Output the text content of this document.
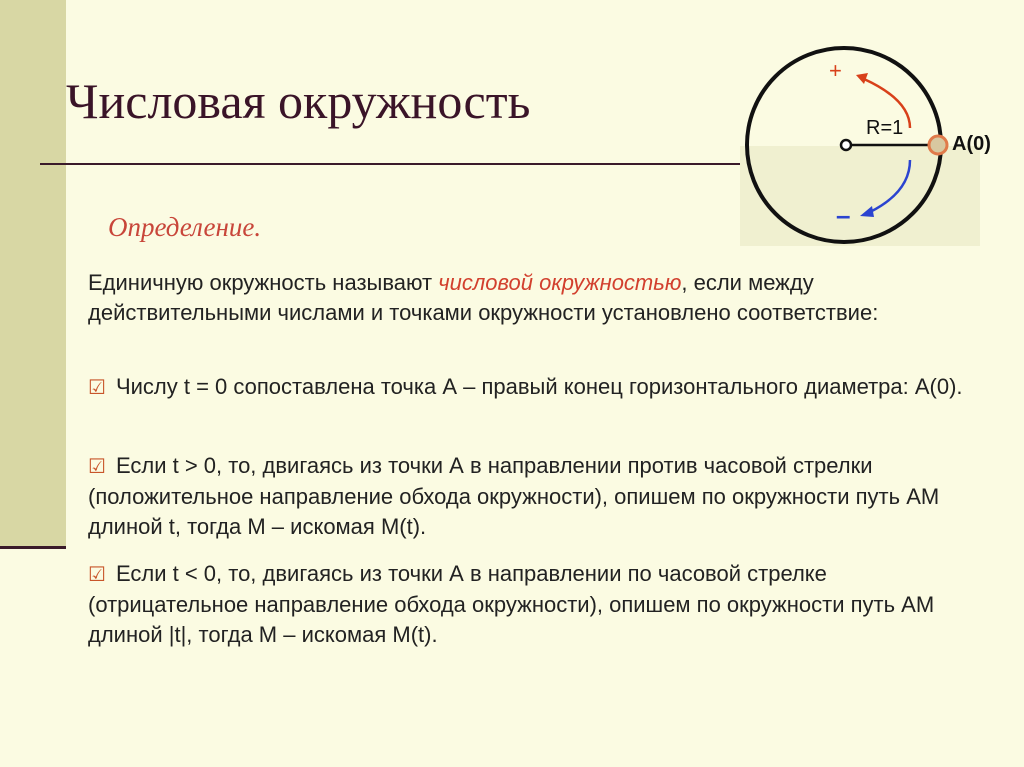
Числовая окружность	R=1
A(0)
+
–
Определение.

Единичную окружность называют числовой окружностью, если между действительными числами и точками окружности установлено соответствие:

☑ Числу t = 0 сопоставлена точка А – правый конец горизонтального диаметра: А(0).

☑ Если t > 0, то, двигаясь из точки А в направлении против часовой стрелки (положительное направление обхода окружности), опишем по окружности путь АМ длиной t, тогда М – искомая М(t).

☑ Если t < 0, то, двигаясь из точки А в направлении по часовой стрелке (отрицательное направление обхода окружности), опишем по окружности путь АМ длиной |t|, тогда М – искомая М(t).
